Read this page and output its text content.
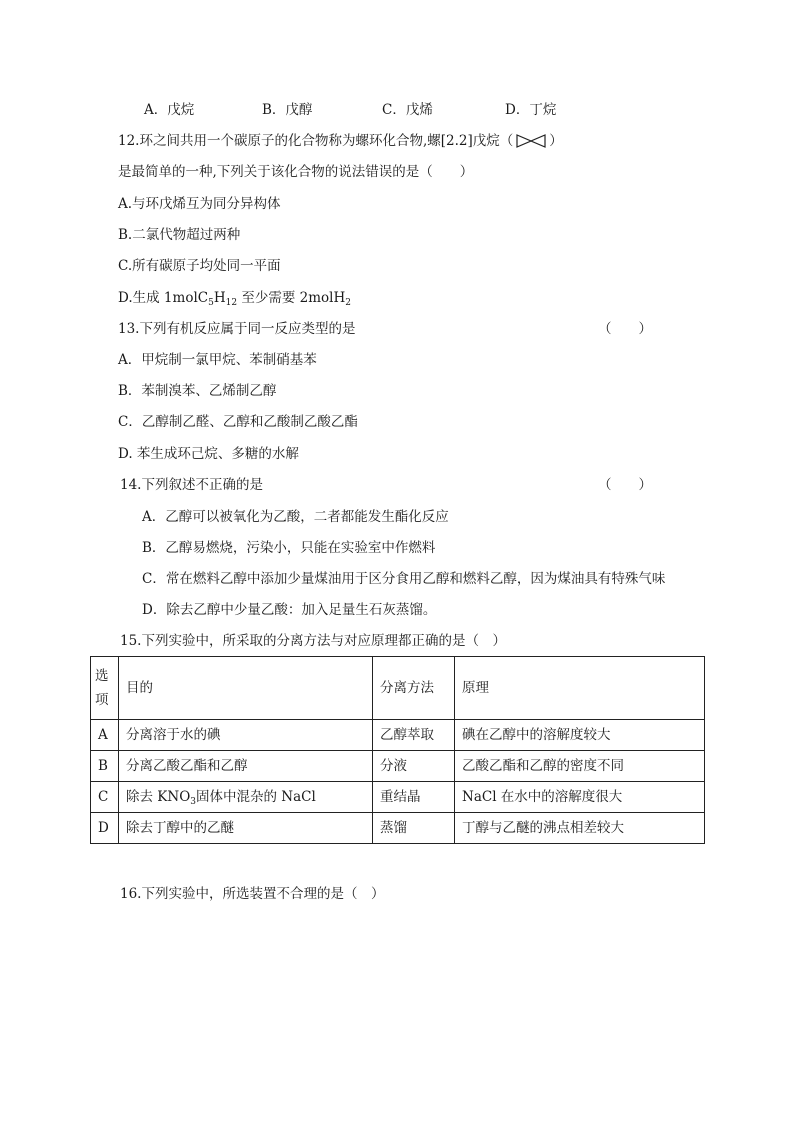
A．戊烷	B．戊醇	C．戊烯	D．丁烷
12.环之间共用一个碳原子的化合物称为螺环化合物,螺[2.2]戊烷（	）
是最简单的一种,下列关于该化合物的说法错误的是（　　）
A.与环戊烯互为同分异构体
B.二氯代物超过两种
C.所有碳原子均处同一平面
D.生成 $1molC_5H_{12}$ 至少需要 2molH$_2$
13.下列有机反应属于同一反应类型的是	（　　）
A．甲烷制一氯甲烷、苯制硝基苯
B．苯制溴苯、乙烯制乙醇
C．乙醇制乙醛、乙醇和乙酸制乙酸乙酯
D. 苯生成环己烷、多糖的水解
14.下列叙述不正确的是	（　　）
A．乙醇可以被氧化为乙酸，二者都能发生酯化反应
B．乙醇易燃烧，污染小，只能在实验室中作燃料
C．常在燃料乙醇中添加少量煤油用于区分食用乙醇和燃料乙醇，因为煤油具有特殊气味
D．除去乙醇中少量乙酸：加入足量生石灰蒸馏。
15.下列实验中，所采取的分离方法与对应原理都正确的是（　）
选项	目的	分离方法	原理
A	分离溶于水的碘	乙醇萃取	碘在乙醇中的溶解度较大
B	分离乙酸乙酯和乙醇	分液	乙酸乙酯和乙醇的密度不同
C	除去 $KNO_3$固体中混杂的 NaCl	重结晶	NaCl 在水中的溶解度很大
D	除去丁醇中的乙醚	蒸馏	丁醇与乙醚的沸点相差较大
16.下列实验中，所选装置不合理的是（　）
